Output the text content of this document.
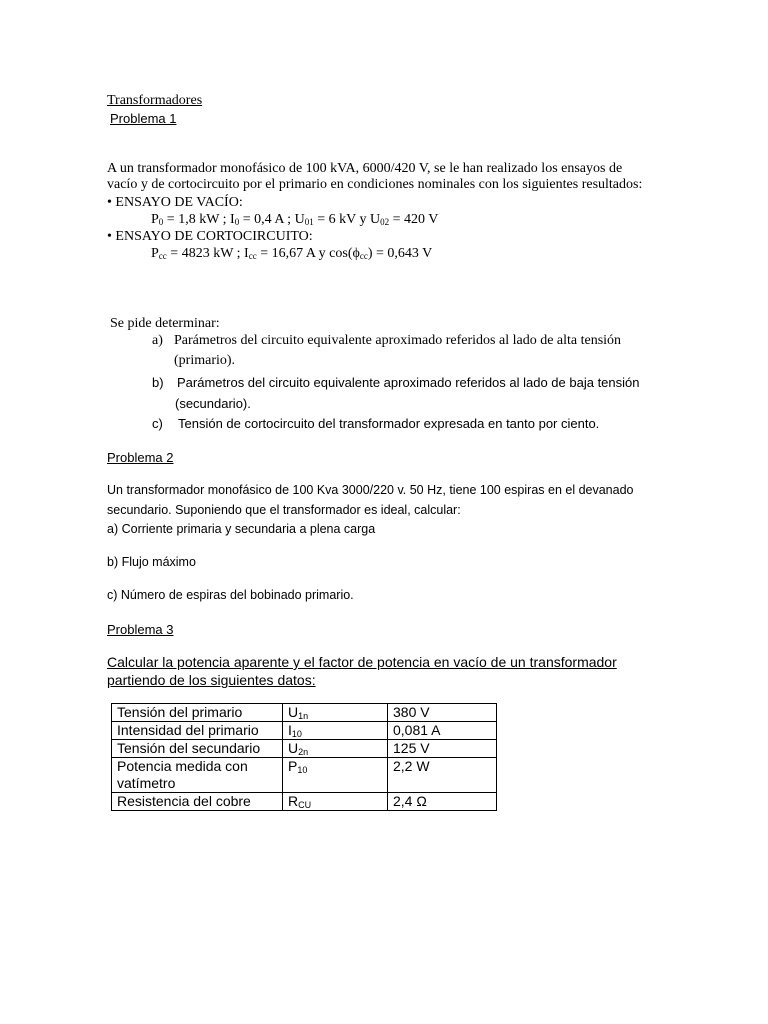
Transformadores
Problema 1
A un transformador monofásico de 100 kVA, 6000/420 V, se le han realizado los ensayos de
vacío y de cortocircuito por el primario en condiciones nominales con los siguientes resultados:
• ENSAYO DE VACÍO:
$P_0 = 1,8$ kW ; $I_0 = 0,4$ A ; $U_{01} = 6$ kV y $U_{02} = 420$ V
• ENSAYO DE CORTOCIRCUITO:
$P_{cc} = 4823$ kW ; $I_{cc} = 16,67$ A y $\cos(\phi_{cc}) = 0,643$ V
Se pide determinar:
a) Parámetros del circuito equivalente aproximado referidos al lado de alta tensión
(primario).
b) Parámetros del circuito equivalente aproximado referidos al lado de baja tensión
(secundario).
c) Tensión de cortocircuito del transformador expresada en tanto por ciento.
Problema 2
Un transformador monofásico de 100 Kva 3000/220 v. 50 Hz, tiene 100 espiras en el devanado
secundario. Suponiendo que el transformador es ideal, calcular:
a) Corriente primaria y secundaria a plena carga
b) Flujo máximo
c) Número de espiras del bobinado primario.
Problema 3
Calcular la potencia aparente y el factor de potencia en vacío de un transformador
partiendo de los siguientes datos:
Tensión del primario	$U_{1n}$	380 V
Intensidad del primario	$I_{10}$	0,081 A
Tensión del secundario	$U_{2n}$	125 V
Potencia medida con vatímetro	$P_{10}$	2,2 W
Resistencia del cobre	$R_{CU}$	2,4 Ω
